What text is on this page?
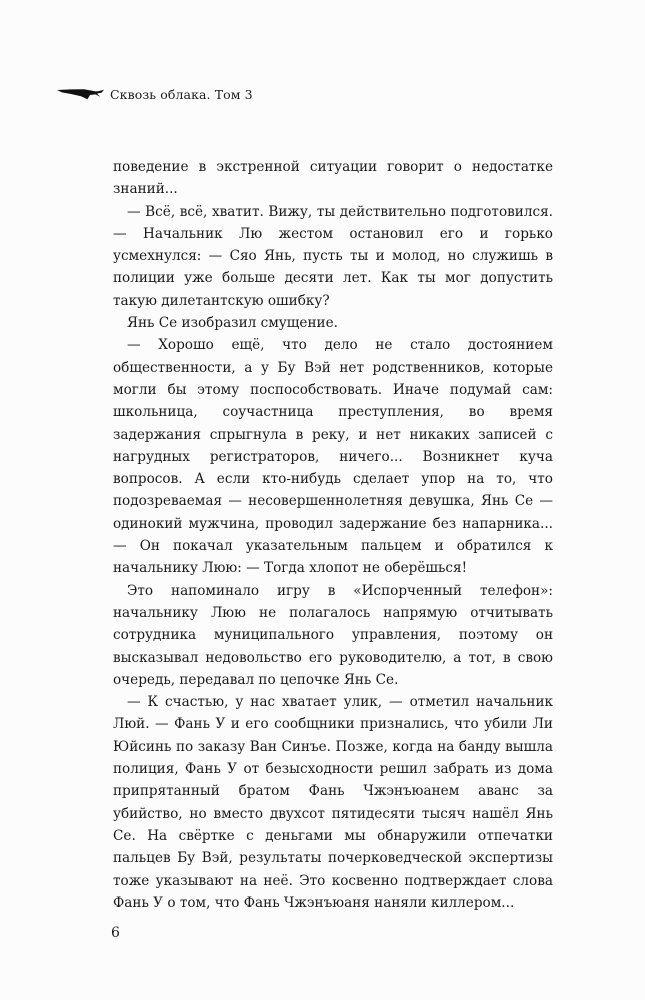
Сквозь облака. Том 3

поведение в экстренной ситуации говорит о недостатке знаний...

— Всё, всё, хватит. Вижу, ты действительно подготовился. — Начальник Лю жестом остановил его и горько усмехнулся: — Сяо Янь, пусть ты и молод, но служишь в полиции уже больше десяти лет. Как ты мог допустить такую дилетантскую ошибку?

Янь Се изобразил смущение.

— Хорошо ещё, что дело не стало достоянием общественности, а у Бу Вэй нет родственников, которые могли бы этому поспособствовать. Иначе подумай сам: школьница, соучастница преступления, во время задержания спрыгнула в реку, и нет никаких записей с нагрудных регистраторов, ничего... Возникнет куча вопросов. А если кто-нибудь сделает упор на то, что подозреваемая — несовершеннолетняя девушка, Янь Се — одинокий мужчина, проводил задержание без напарника... — Он покачал указательным пальцем и обратился к начальнику Люю: — Тогда хлопот не оберёшься!

Это напоминало игру в «Испорченный телефон»: начальнику Люю не полагалось напрямую отчитывать сотрудника муниципального управления, поэтому он высказывал недовольство его руководителю, а тот, в свою очередь, передавал по цепочке Янь Се.

— К счастью, у нас хватает улик, — отметил начальник Люй. — Фань У и его сообщники признались, что убили Ли Юйсинь по заказу Ван Синъе. Позже, когда на банду вышла полиция, Фань У от безысходности решил забрать из дома припрятанный братом Фань Чжэнъюанем аванс за убийство, но вместо двухсот пятидесяти тысяч нашёл Янь Се. На свёртке с деньгами мы обнаружили отпечатки пальцев Бу Вэй, результаты почерковедческой экспертизы тоже указывают на неё. Это косвенно подтверждает слова Фань У о том, что Фань Чжэнъюаня наняли киллером...

6
